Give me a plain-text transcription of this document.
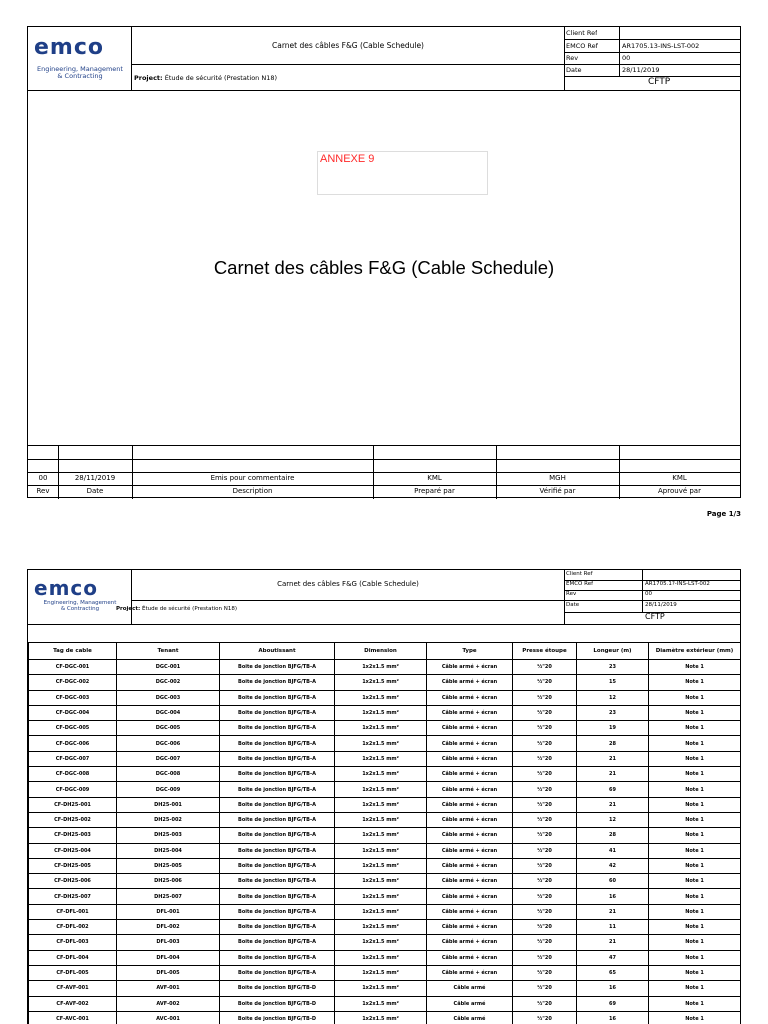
emco
Engineering, Management
& Contracting
Carnet des câbles F&G (Cable Schedule)
Project: Étude de sécurité (Prestation N18)
Client Ref
EMCO Ref	AR1705.13-INS-LST-002
Rev	00
Date	28/11/2019
CFTP
ANNEXE 9
Carnet des câbles F&G (Cable Schedule)
00	28/11/2019	Emis pour commentaire	KML	MGH	KML
Rev	Date	Description	Preparé par	Vérifié par	Aprouvé par
Page 1/3
emco
Engineering, Management
& Contracting
Carnet des câbles F&G (Cable Schedule)
Project: Étude de sécurité (Prestation N18)
Client Ref
EMCO Ref	AR1705.1?-INS-LST-002
Rev	00
Date	28/11/2019
CFTP
Tag de cable	Tenant	Aboutissant	Dimension	Type	Presse étoupe	Longeur (m)	Diamètre extérieur (mm)
CF-DGC-001	DGC-001	Boite de jonction BJFG/TB-A	1x2x1.5 mm²	Câble armé + écran	½"20	23	Note 1
CF-DGC-002	DGC-002	Boite de jonction BJFG/TB-A	1x2x1.5 mm²	Câble armé + écran	½"20	15	Note 1
CF-DGC-003	DGC-003	Boite de jonction BJFG/TB-A	1x2x1.5 mm²	Câble armé + écran	½"20	12	Note 1
CF-DGC-004	DGC-004	Boite de jonction BJFG/TB-A	1x2x1.5 mm²	Câble armé + écran	½"20	23	Note 1
CF-DGC-005	DGC-005	Boite de jonction BJFG/TB-A	1x2x1.5 mm²	Câble armé + écran	½"20	19	Note 1
CF-DGC-006	DGC-006	Boite de jonction BJFG/TB-A	1x2x1.5 mm²	Câble armé + écran	½"20	28	Note 1
CF-DGC-007	DGC-007	Boite de jonction BJFG/TB-A	1x2x1.5 mm²	Câble armé + écran	½"20	21	Note 1
CF-DGC-008	DGC-008	Boite de jonction BJFG/TB-A	1x2x1.5 mm²	Câble armé + écran	½"20	21	Note 1
CF-DGC-009	DGC-009	Boite de jonction BJFG/TB-A	1x2x1.5 mm²	Câble armé + écran	½"20	69	Note 1
CF-DH25-001	DH25-001	Boite de jonction BJFG/TB-A	1x2x1.5 mm²	Câble armé + écran	½"20	21	Note 1
CF-DH25-002	DH25-002	Boite de jonction BJFG/TB-A	1x2x1.5 mm²	Câble armé + écran	½"20	12	Note 1
CF-DH25-003	DH25-003	Boite de jonction BJFG/TB-A	1x2x1.5 mm²	Câble armé + écran	½"20	28	Note 1
CF-DH25-004	DH25-004	Boite de jonction BJFG/TB-A	1x2x1.5 mm²	Câble armé + écran	½"20	41	Note 1
CF-DH25-005	DH25-005	Boite de jonction BJFG/TB-A	1x2x1.5 mm²	Câble armé + écran	½"20	42	Note 1
CF-DH25-006	DH25-006	Boite de jonction BJFG/TB-A	1x2x1.5 mm²	Câble armé + écran	½"20	60	Note 1
CF-DH25-007	DH25-007	Boite de jonction BJFG/TB-A	1x2x1.5 mm²	Câble armé + écran	½"20	16	Note 1
CF-DFL-001	DFL-001	Boite de jonction BJFG/TB-A	1x2x1.5 mm²	Câble armé + écran	½"20	21	Note 1
CF-DFL-002	DFL-002	Boite de jonction BJFG/TB-A	1x2x1.5 mm²	Câble armé + écran	½"20	11	Note 1
CF-DFL-003	DFL-003	Boite de jonction BJFG/TB-A	1x2x1.5 mm²	Câble armé + écran	½"20	21	Note 1
CF-DFL-004	DFL-004	Boite de jonction BJFG/TB-A	1x2x1.5 mm²	Câble armé + écran	½"20	47	Note 1
CF-DFL-005	DFL-005	Boite de jonction BJFG/TB-A	1x2x1.5 mm²	Câble armé + écran	½"20	65	Note 1
CF-AVF-001	AVF-001	Boite de jonction BJFG/TB-D	1x2x1.5 mm²	Câble armé	½"20	16	Note 1
CF-AVF-002	AVF-002	Boite de jonction BJFG/TB-D	1x2x1.5 mm²	Câble armé	½"20	69	Note 1
CF-AVC-001	AVC-001	Boite de jonction BJFG/TB-D	1x2x1.5 mm²	Câble armé	½"20	16	Note 1
